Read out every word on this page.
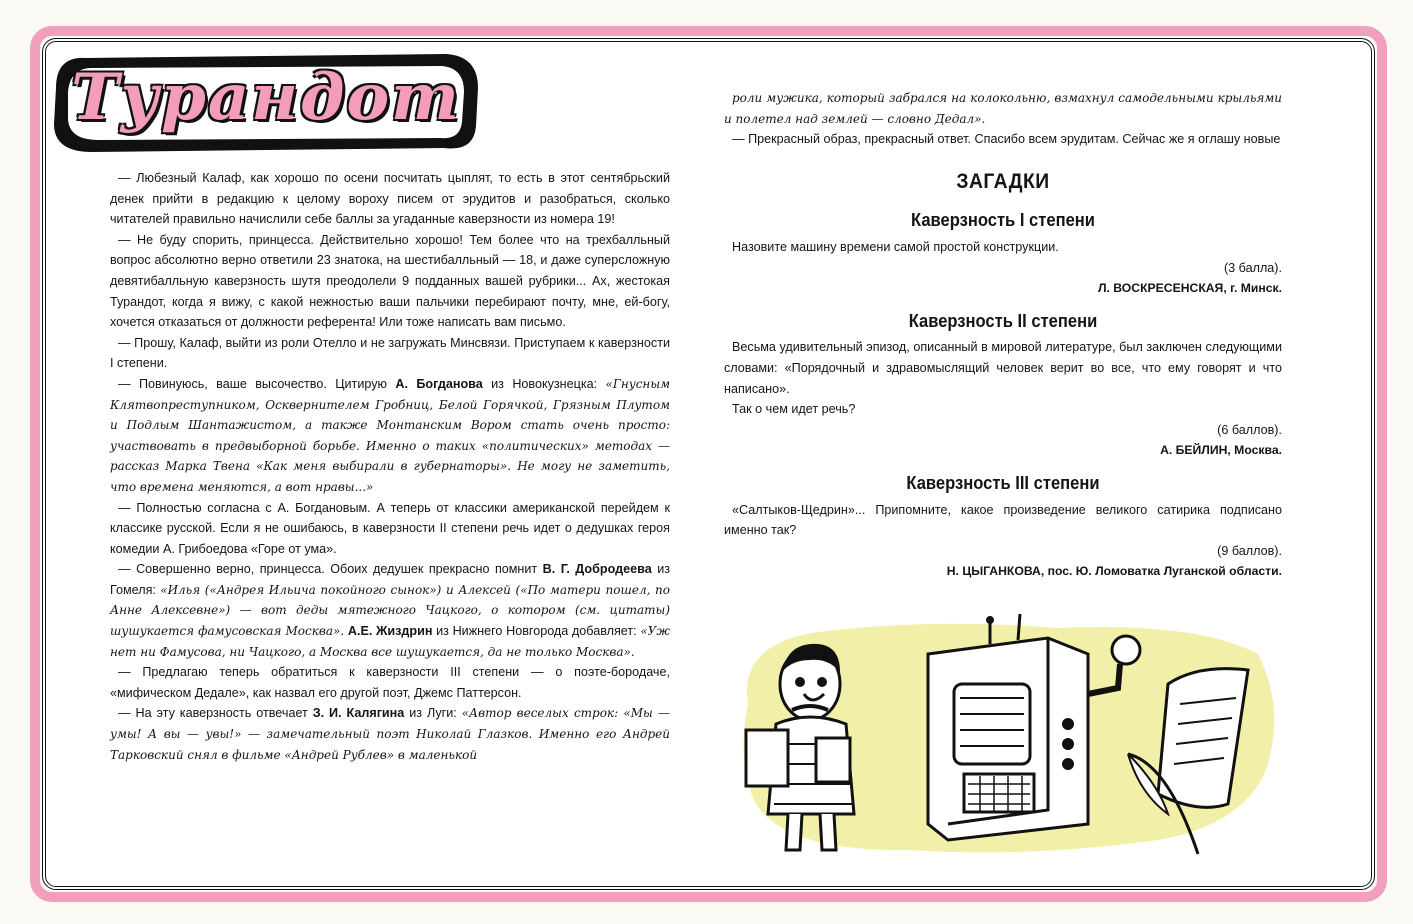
Турандот

— Любезный Калаф, как хорошо по осени посчитать цыплят, то есть в этот сентябрьский денек прийти в редакцию к целому вороху писем от эрудитов и разобраться, сколько читателей правильно начислили себе баллы за угаданные каверзности из номера 19!

— Не буду спорить, принцесса. Действительно хорошо! Тем более что на трехбалльный вопрос абсолютно верно ответили 23 знатока, на шестибалльный — 18, и даже суперсложную девятибалльную каверзность шутя преодолели 9 подданных вашей рубрики... Ах, жестокая Турандот, когда я вижу, с какой нежностью ваши пальчики перебирают почту, мне, ей-богу, хочется отказаться от должности референта! Или тоже написать вам письмо.

— Прошу, Калаф, выйти из роли Отелло и не загружать Минсвязи. Приступаем к каверзности I степени.

— Повинуюсь, ваше высочество. Цитирую А. Богданова из Новокузнецка: «Гнусным Клятвопреступником, Осквернителем Гробниц, Белой Горячкой, Грязным Плутом и Подлым Шантажистом, а также Монтанским Вором стать очень просто: участвовать в предвыборной борьбе. Именно о таких «политических» методах — рассказ Марка Твена «Как меня выбирали в губернаторы». Не могу не заметить, что времена меняются, а вот нравы...»

— Полностью согласна с А. Богдановым. А теперь от классики американской перейдем к классике русской. Если я не ошибаюсь, в каверзности II степени речь идет о дедушках героя комедии А. Грибоедова «Горе от ума».

— Совершенно верно, принцесса. Обоих дедушек прекрасно помнит В. Г. Добродеева из Гомеля: «Илья («Андрея Ильича покойного сынок») и Алексей («По матери пошел, по Анне Алексевне») — вот деды мятежного Чацкого, о котором (см. цитаты) шушукается фамусовская Москва». А.Е. Жиздрин из Нижнего Новгорода добавляет: «Уж нет ни Фамусова, ни Чацкого, а Москва все шушукается, да не только Москва».

— Предлагаю теперь обратиться к каверзности III степени — о поэте-бородаче, «мифическом Дедале», как назвал его другой поэт, Джемс Паттерсон.

— На эту каверзность отвечает З. И. Калягина из Луги: «Автор веселых строк: «Мы — умы! А вы — увы!» — замечательный поэт Николай Глазков. Именно его Андрей Тарковский снял в фильме «Андрей Рублев» в маленькой

роли мужика, который забрался на колокольню, взмахнул самодельными крыльями и полетел над землей — словно Дедал».

— Прекрасный образ, прекрасный ответ. Спасибо всем эрудитам. Сейчас же я оглашу новые

ЗАГАДКИ
Каверзность I степени

Назовите машину времени самой простой конструкции.

(3 балла).
Л. ВОСКРЕСЕНСКАЯ, г. Минск.
Каверзность II степени

Весьма удивительный эпизод, описанный в мировой литературе, был заключен следующими словами: «Порядочный и здравомыслящий человек верит во все, что ему говорят и что написано».

Так о чем идет речь?

(6 баллов).
А. БЕЙЛИН, Москва.
Каверзность III степени

«Салтыков-Щедрин»... Припомните, какое произведение великого сатирика подписано именно так?

(9 баллов).
Н. ЦЫГАНКОВА, пос. Ю. Ломоватка Луганской области.
